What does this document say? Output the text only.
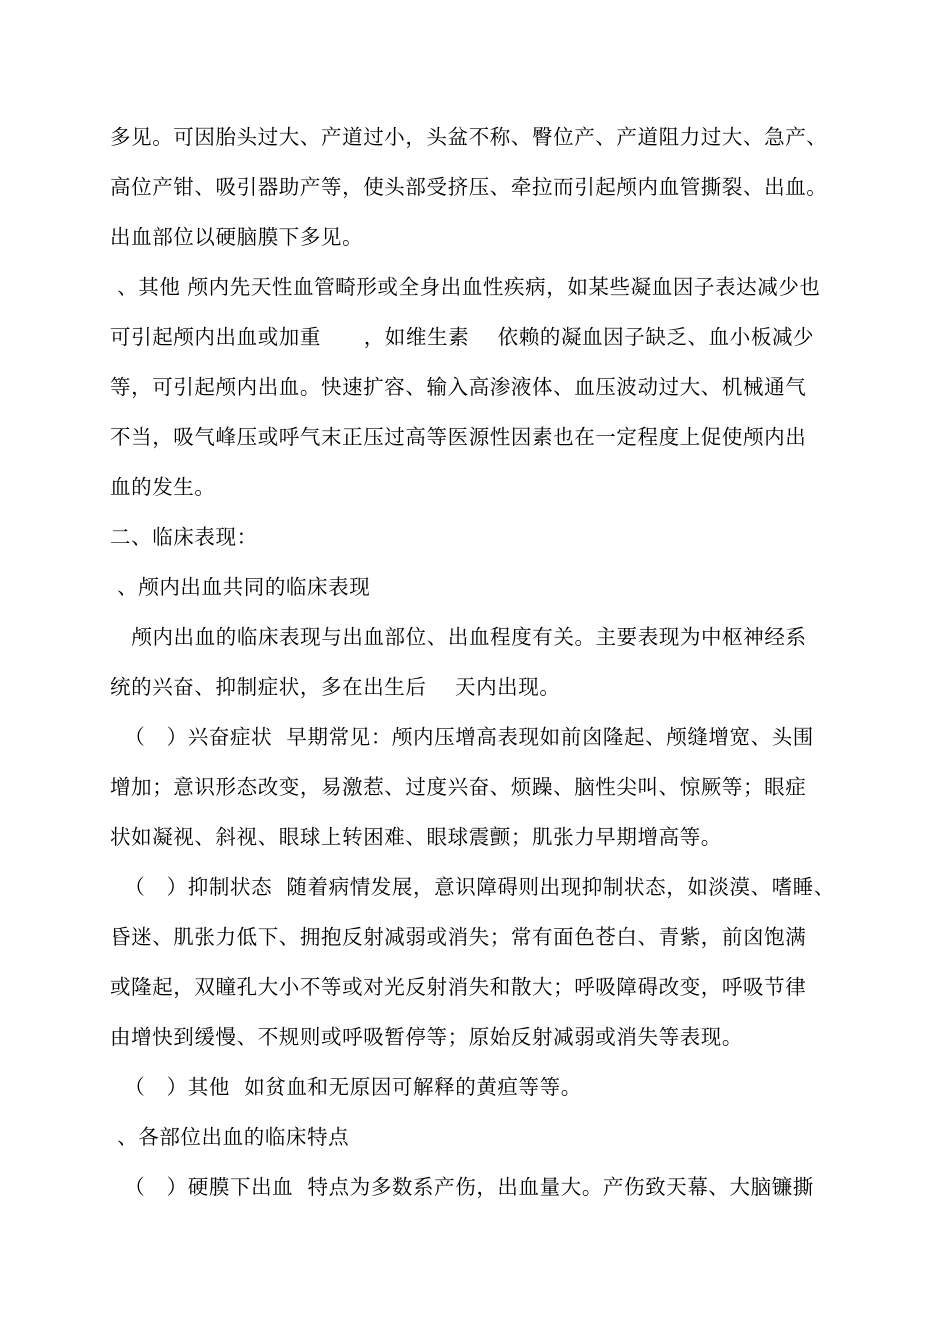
多见。可因胎头过大、产道过小，头盆不称、臀位产、产道阻力过大、急产、
高位产钳、吸引器助产等，使头部受挤压、牵拉而引起颅内血管撕裂、出血。
出血部位以硬脑膜下多见。
、其他 颅内先天性血管畸形或全身出血性疾病，如某些凝血因子表达减少也
可引起颅内出血或加重      ，如维生素    依赖的凝血因子缺乏、血小板减少
等，可引起颅内出血。快速扩容、输入高渗液体、血压波动过大、机械通气
不当，吸气峰压或呼气末正压过高等医源性因素也在一定程度上促使颅内出
血的发生。
二、临床表现：
、颅内出血共同的临床表现
颅内出血的临床表现与出血部位、出血程度有关。主要表现为中枢神经系
统的兴奋、抑制症状，多在出生后    天内出现。
（   ）兴奋症状  早期常见：颅内压增高表现如前囟隆起、颅缝增宽、头围
增加；意识形态改变，易激惹、过度兴奋、烦躁、脑性尖叫、惊厥等；眼症
状如凝视、斜视、眼球上转困难、眼球震颤；肌张力早期增高等。
（   ）抑制状态  随着病情发展，意识障碍则出现抑制状态，如淡漠、嗜睡、
昏迷、肌张力低下、拥抱反射减弱或消失；常有面色苍白、青紫，前囟饱满
或隆起，双瞳孔大小不等或对光反射消失和散大；呼吸障碍改变，呼吸节律
由增快到缓慢、不规则或呼吸暂停等；原始反射减弱或消失等表现。
（   ）其他  如贫血和无原因可解释的黄疸等等。
、各部位出血的临床特点
（   ）硬膜下出血  特点为多数系产伤，出血量大。产伤致天幕、大脑镰撕
